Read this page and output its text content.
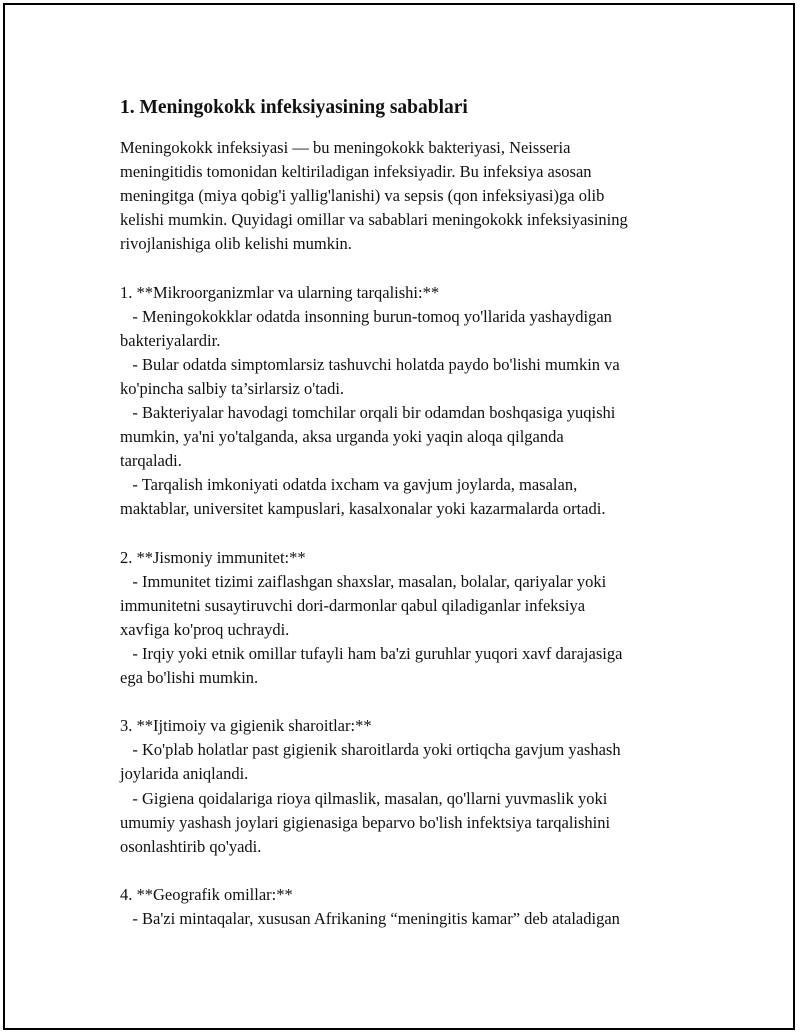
1. Meningokokk infeksiyasining sabablari
Meningokokk infeksiyasi — bu meningokokk bakteriyasi, Neisseria
meningitidis tomonidan keltiriladigan infeksiyadir. Bu infeksiya asosan
meningitga (miya qobig'i yallig'lanishi) va sepsis (qon infeksiyasi)ga olib
kelishi mumkin. Quyidagi omillar va sabablari meningokokk infeksiyasining
rivojlanishiga olib kelishi mumkin.
1. **Mikroorganizmlar va ularning tarqalishi:**
- Meningokokklar odatda insonning burun-tomoq yo'llarida yashaydigan
bakteriyalardir.
- Bular odatda simptomlarsiz tashuvchi holatda paydo bo'lishi mumkin va
ko'pincha salbiy ta’sirlarsiz o'tadi.
- Bakteriyalar havodagi tomchilar orqali bir odamdan boshqasiga yuqishi
mumkin, ya'ni yo'talganda, aksa urganda yoki yaqin aloqa qilganda
tarqaladi.
- Tarqalish imkoniyati odatda ixcham va gavjum joylarda, masalan,
maktablar, universitet kampuslari, kasalxonalar yoki kazarmalarda ortadi.
2. **Jismoniy immunitet:**
- Immunitet tizimi zaiflashgan shaxslar, masalan, bolalar, qariyalar yoki
immunitetni susaytiruvchi dori-darmonlar qabul qiladiganlar infeksiya
xavfiga ko'proq uchraydi.
- Irqiy yoki etnik omillar tufayli ham ba'zi guruhlar yuqori xavf darajasiga
ega bo'lishi mumkin.
3. **Ijtimoiy va gigienik sharoitlar:**
- Ko'plab holatlar past gigienik sharoitlarda yoki ortiqcha gavjum yashash
joylarida aniqlandi.
- Gigiena qoidalariga rioya qilmaslik, masalan, qo'llarni yuvmaslik yoki
umumiy yashash joylari gigienasiga beparvo bo'lish infektsiya tarqalishini
osonlashtirib qo'yadi.
4. **Geografik omillar:**
- Ba'zi mintaqalar, xususan Afrikaning “meningitis kamar” deb ataladigan
